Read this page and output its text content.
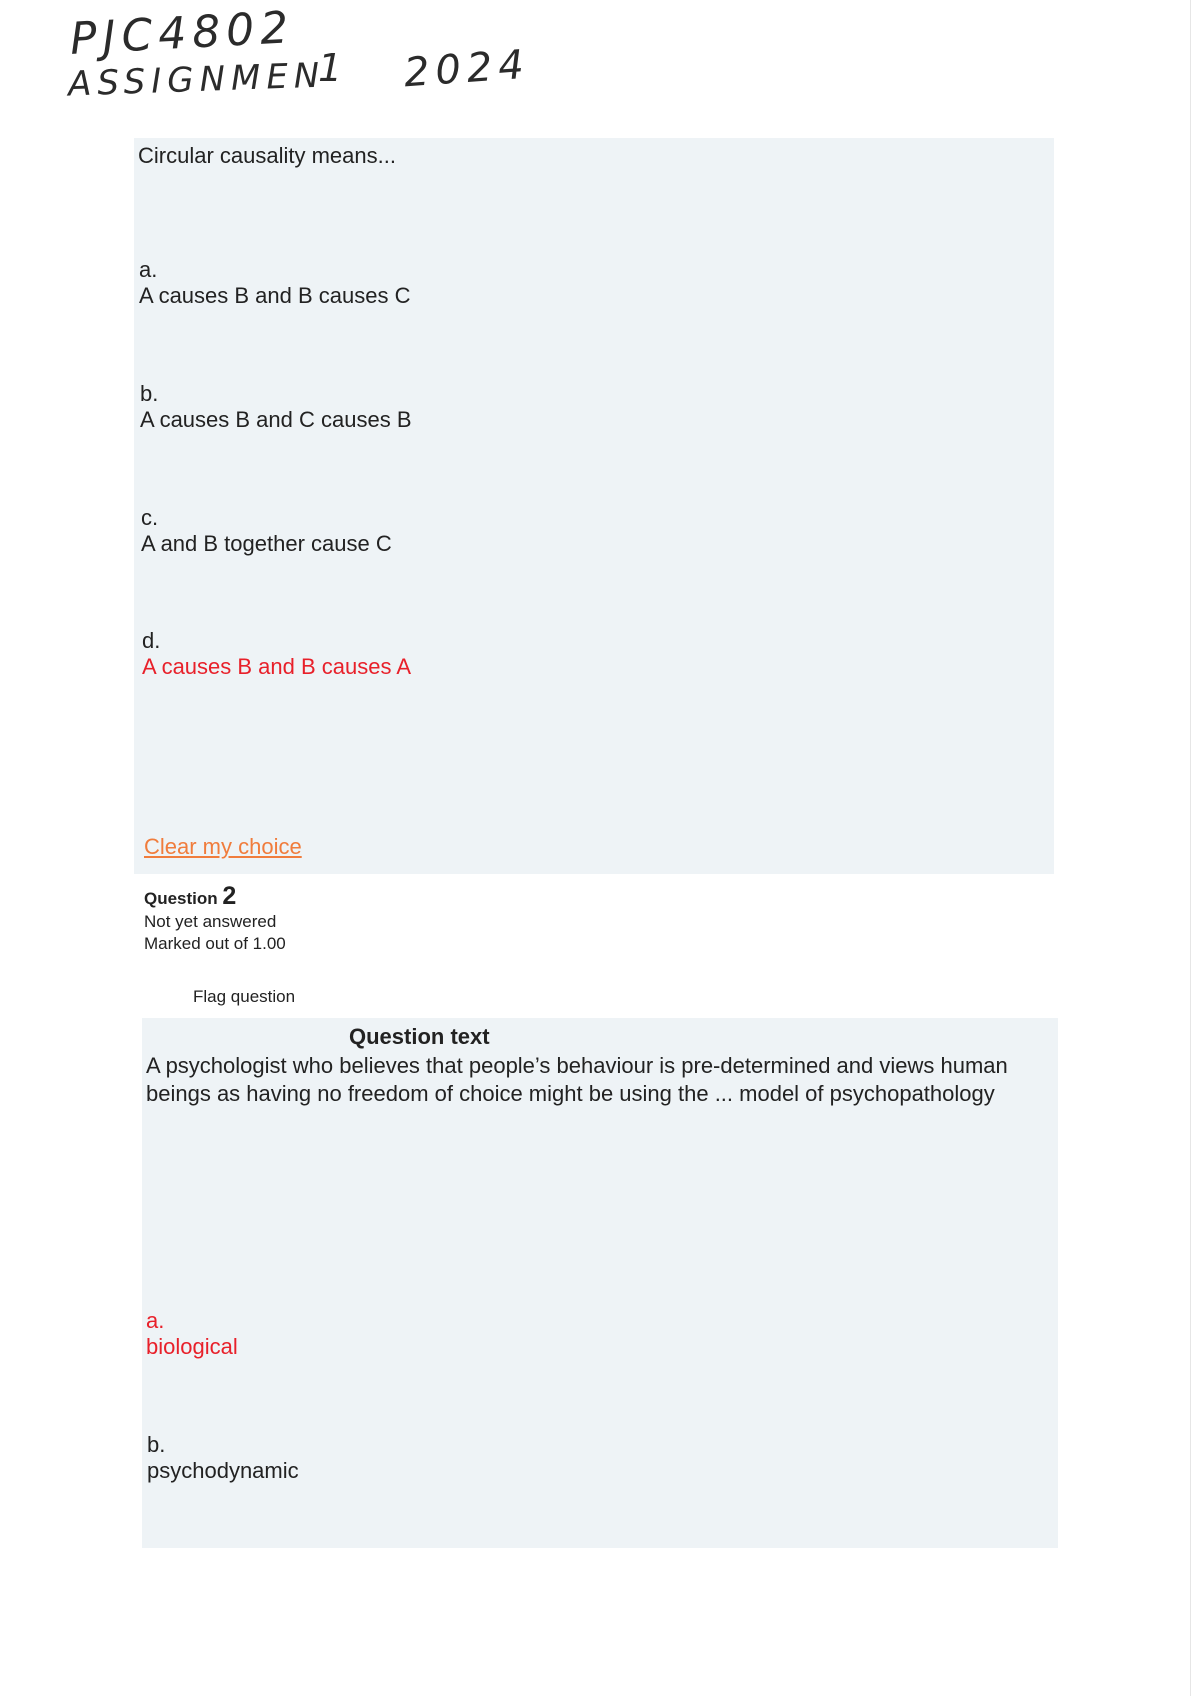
PJC4802
ASSIGNMEN
1 2024
Circular causality means...
a.
A causes B and B causes C
b.
A causes B and C causes B
c.
A and B together cause C
d.
A causes B and B causes A
Clear my choice
Question 2
Not yet answered
Marked out of 1.00
Flag question
Question text
A psychologist who believes that people’s behaviour is pre-determined and views human beings as having no freedom of choice might be using the ... model of psychopathology
a.
biological
b.
psychodynamic
